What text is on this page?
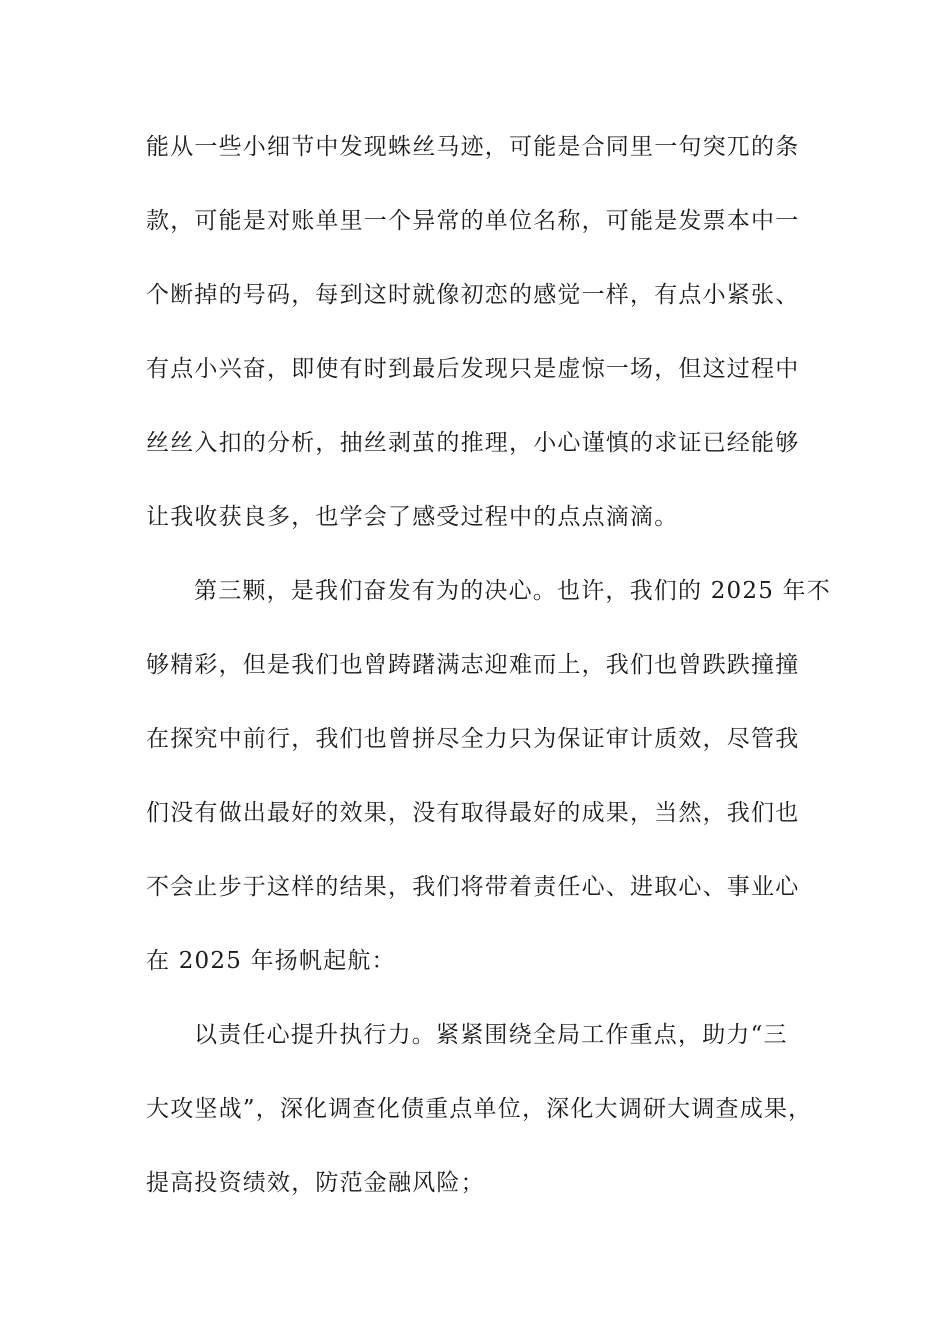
能从一些小细节中发现蛛丝马迹，可能是合同里一句突兀的条
款，可能是对账单里一个异常的单位名称，可能是发票本中一
个断掉的号码，每到这时就像初恋的感觉一样，有点小紧张、
有点小兴奋，即使有时到最后发现只是虚惊一场，但这过程中
丝丝入扣的分析，抽丝剥茧的推理，小心谨慎的求证已经能够
让我收获良多，也学会了感受过程中的点点滴滴。
第三颗，是我们奋发有为的决心。也许，我们的 2025 年不
够精彩，但是我们也曾踌躇满志迎难而上，我们也曾跌跌撞撞
在探究中前行，我们也曾拼尽全力只为保证审计质效，尽管我
们没有做出最好的效果，没有取得最好的成果，当然，我们也
不会止步于这样的结果，我们将带着责任心、进取心、事业心
在 2025 年扬帆起航：
以责任心提升执行力。紧紧围绕全局工作重点，助力“三
大攻坚战”，深化调查化债重点单位，深化大调研大调查成果，
提高投资绩效，防范金融风险；
